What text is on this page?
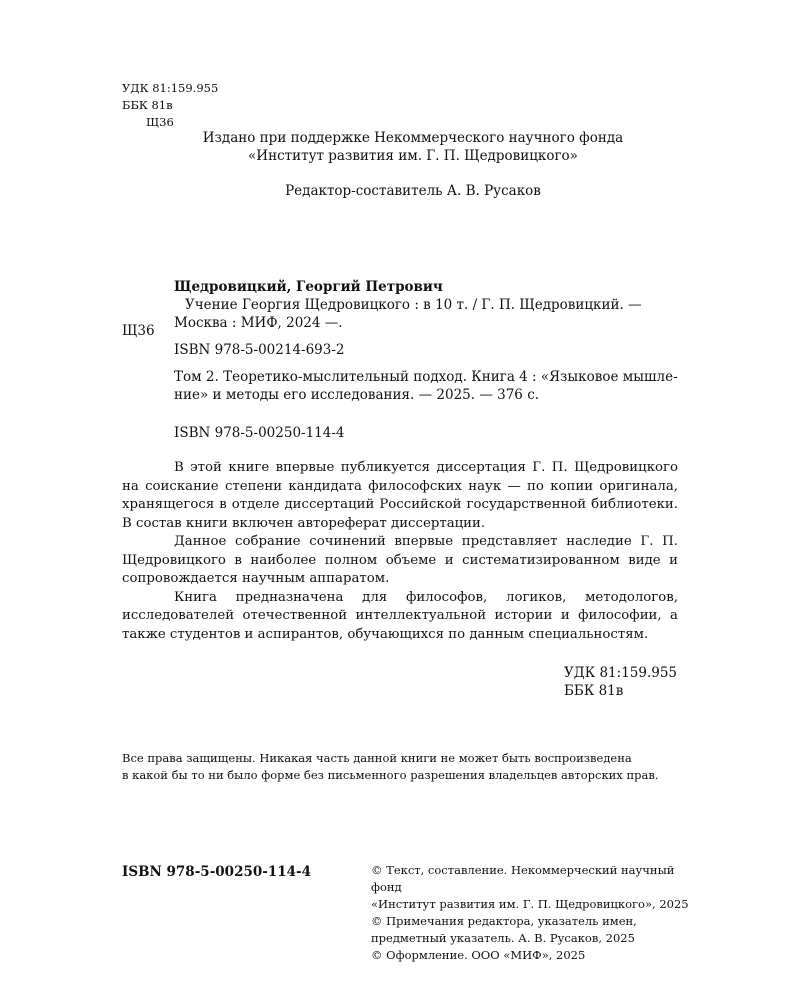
УДК 81:159.955
ББК 81в
Щ36
Издано при поддержке Некоммерческого научного фонда
«Институт развития им. Г. П. Щедровицкого»
Редактор-составитель А. В. Русаков
Щ36
Щедровицкий, Георгий Петрович
Учение Георгия Щедровицкого : в 10 т. / Г. П. Щедровицкий. —
Москва : МИФ, 2024 —.
ISBN 978-5-00214-693-2
Том 2. Теоретико-мыслительный подход. Книга 4 : «Языковое мышле-
ние» и методы его исследования. — 2025. — 376 с.
ISBN 978-5-00250-114-4

В этой книге впервые публикуется диссертация Г. П. Щедровицкого на соискание степени кандидата философских наук — по копии оригинала, хранящегося в отделе диссертаций Российской государственной библиотеки. В состав книги включен автореферат диссертации.

Данное собрание сочинений впервые представляет наследие Г. П. Щедровицкого в наиболее полном объеме и систематизированном виде и сопровождается научным аппаратом.

Книга предназначена для философов, логиков, методологов, исследователей отечественной интеллектуальной истории и философии, а также студентов и аспирантов, обучающихся по данным специальностям.

УДК 81:159.955
ББК 81в
Все права защищены. Никакая часть данной книги не может быть воспроизведена
в какой бы то ни было форме без письменного разрешения владельцев авторских прав.
ISBN 978-5-00250-114-4	© Текст, составление. Некоммерческий научный фонд
«Институт развития им. Г. П. Щедровицкого», 2025
© Примечания редактора, указатель имен,
предметный указатель. А. В. Русаков, 2025
© Оформление. ООО «МИФ», 2025
